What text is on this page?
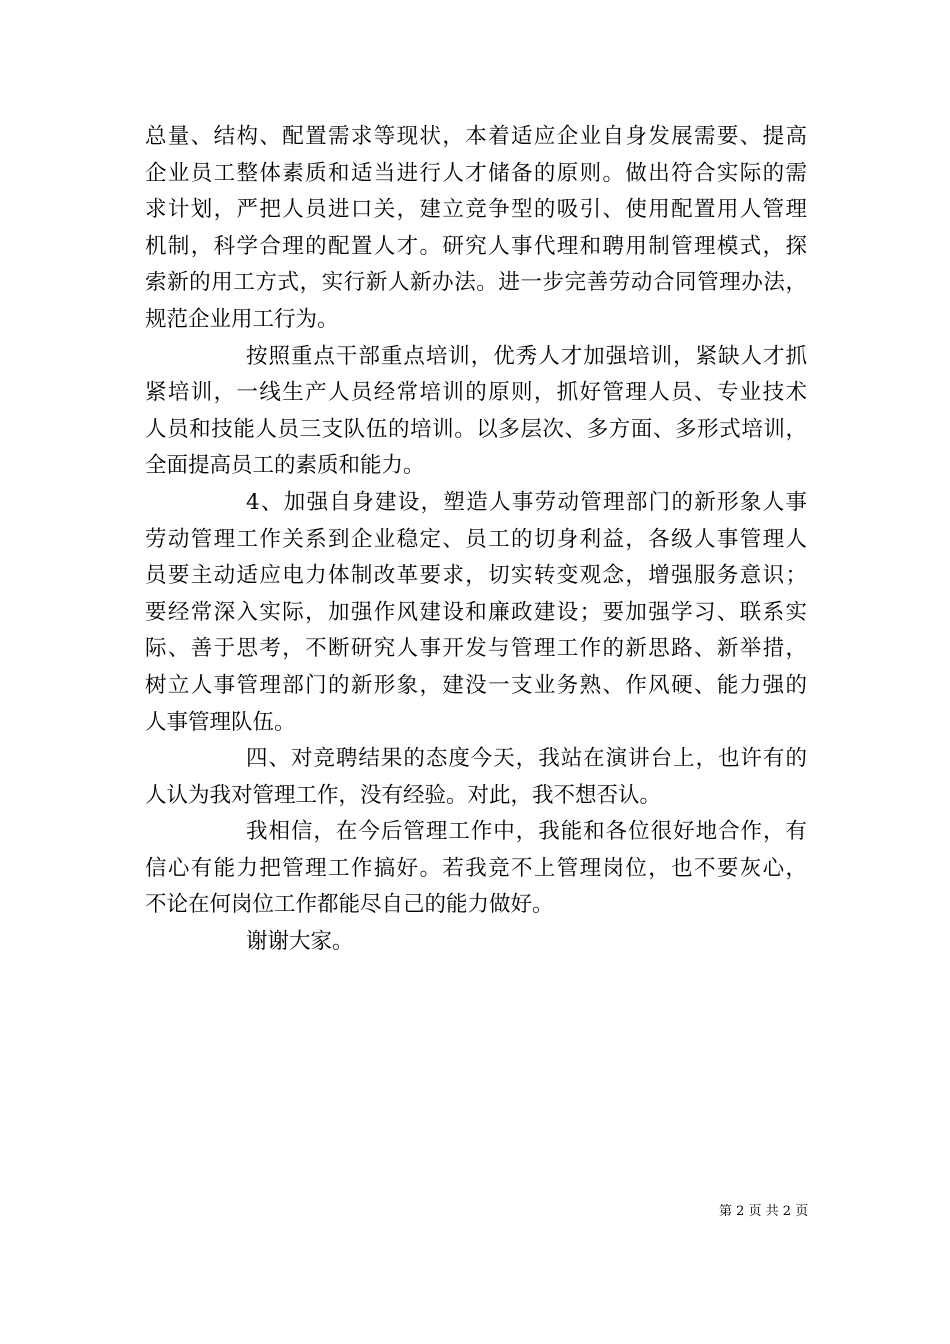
总量、结构、配置需求等现状，本着适应企业自身发展需要、提高
企业员工整体素质和适当进行人才储备的原则。做出符合实际的需
求计划，严把人员进口关，建立竞争型的吸引、使用配置用人管理
机制，科学合理的配置人才。研究人事代理和聘用制管理模式，探
索新的用工方式，实行新人新办法。进一步完善劳动合同管理办法，
规范企业用工行为。
按照重点干部重点培训，优秀人才加强培训，紧缺人才抓
紧培训，一线生产人员经常培训的原则，抓好管理人员、专业技术
人员和技能人员三支队伍的培训。以多层次、多方面、多形式培训，
全面提高员工的素质和能力。
4、加强自身建设，塑造人事劳动管理部门的新形象人事
劳动管理工作关系到企业稳定、员工的切身利益，各级人事管理人
员要主动适应电力体制改革要求，切实转变观念，增强服务意识；
要经常深入实际，加强作风建设和廉政建设；要加强学习、联系实
际、善于思考，不断研究人事开发与管理工作的新思路、新举措，
树立人事管理部门的新形象，建没一支业务熟、作风硬、能力强的
人事管理队伍。
四、对竞聘结果的态度今天，我站在演讲台上，也许有的
人认为我对管理工作，没有经验。对此，我不想否认。
我相信，在今后管理工作中，我能和各位很好地合作，有
信心有能力把管理工作搞好。若我竞不上管理岗位，也不要灰心，
不论在何岗位工作都能尽自己的能力做好。
谢谢大家。
第 2 页 共 2 页
